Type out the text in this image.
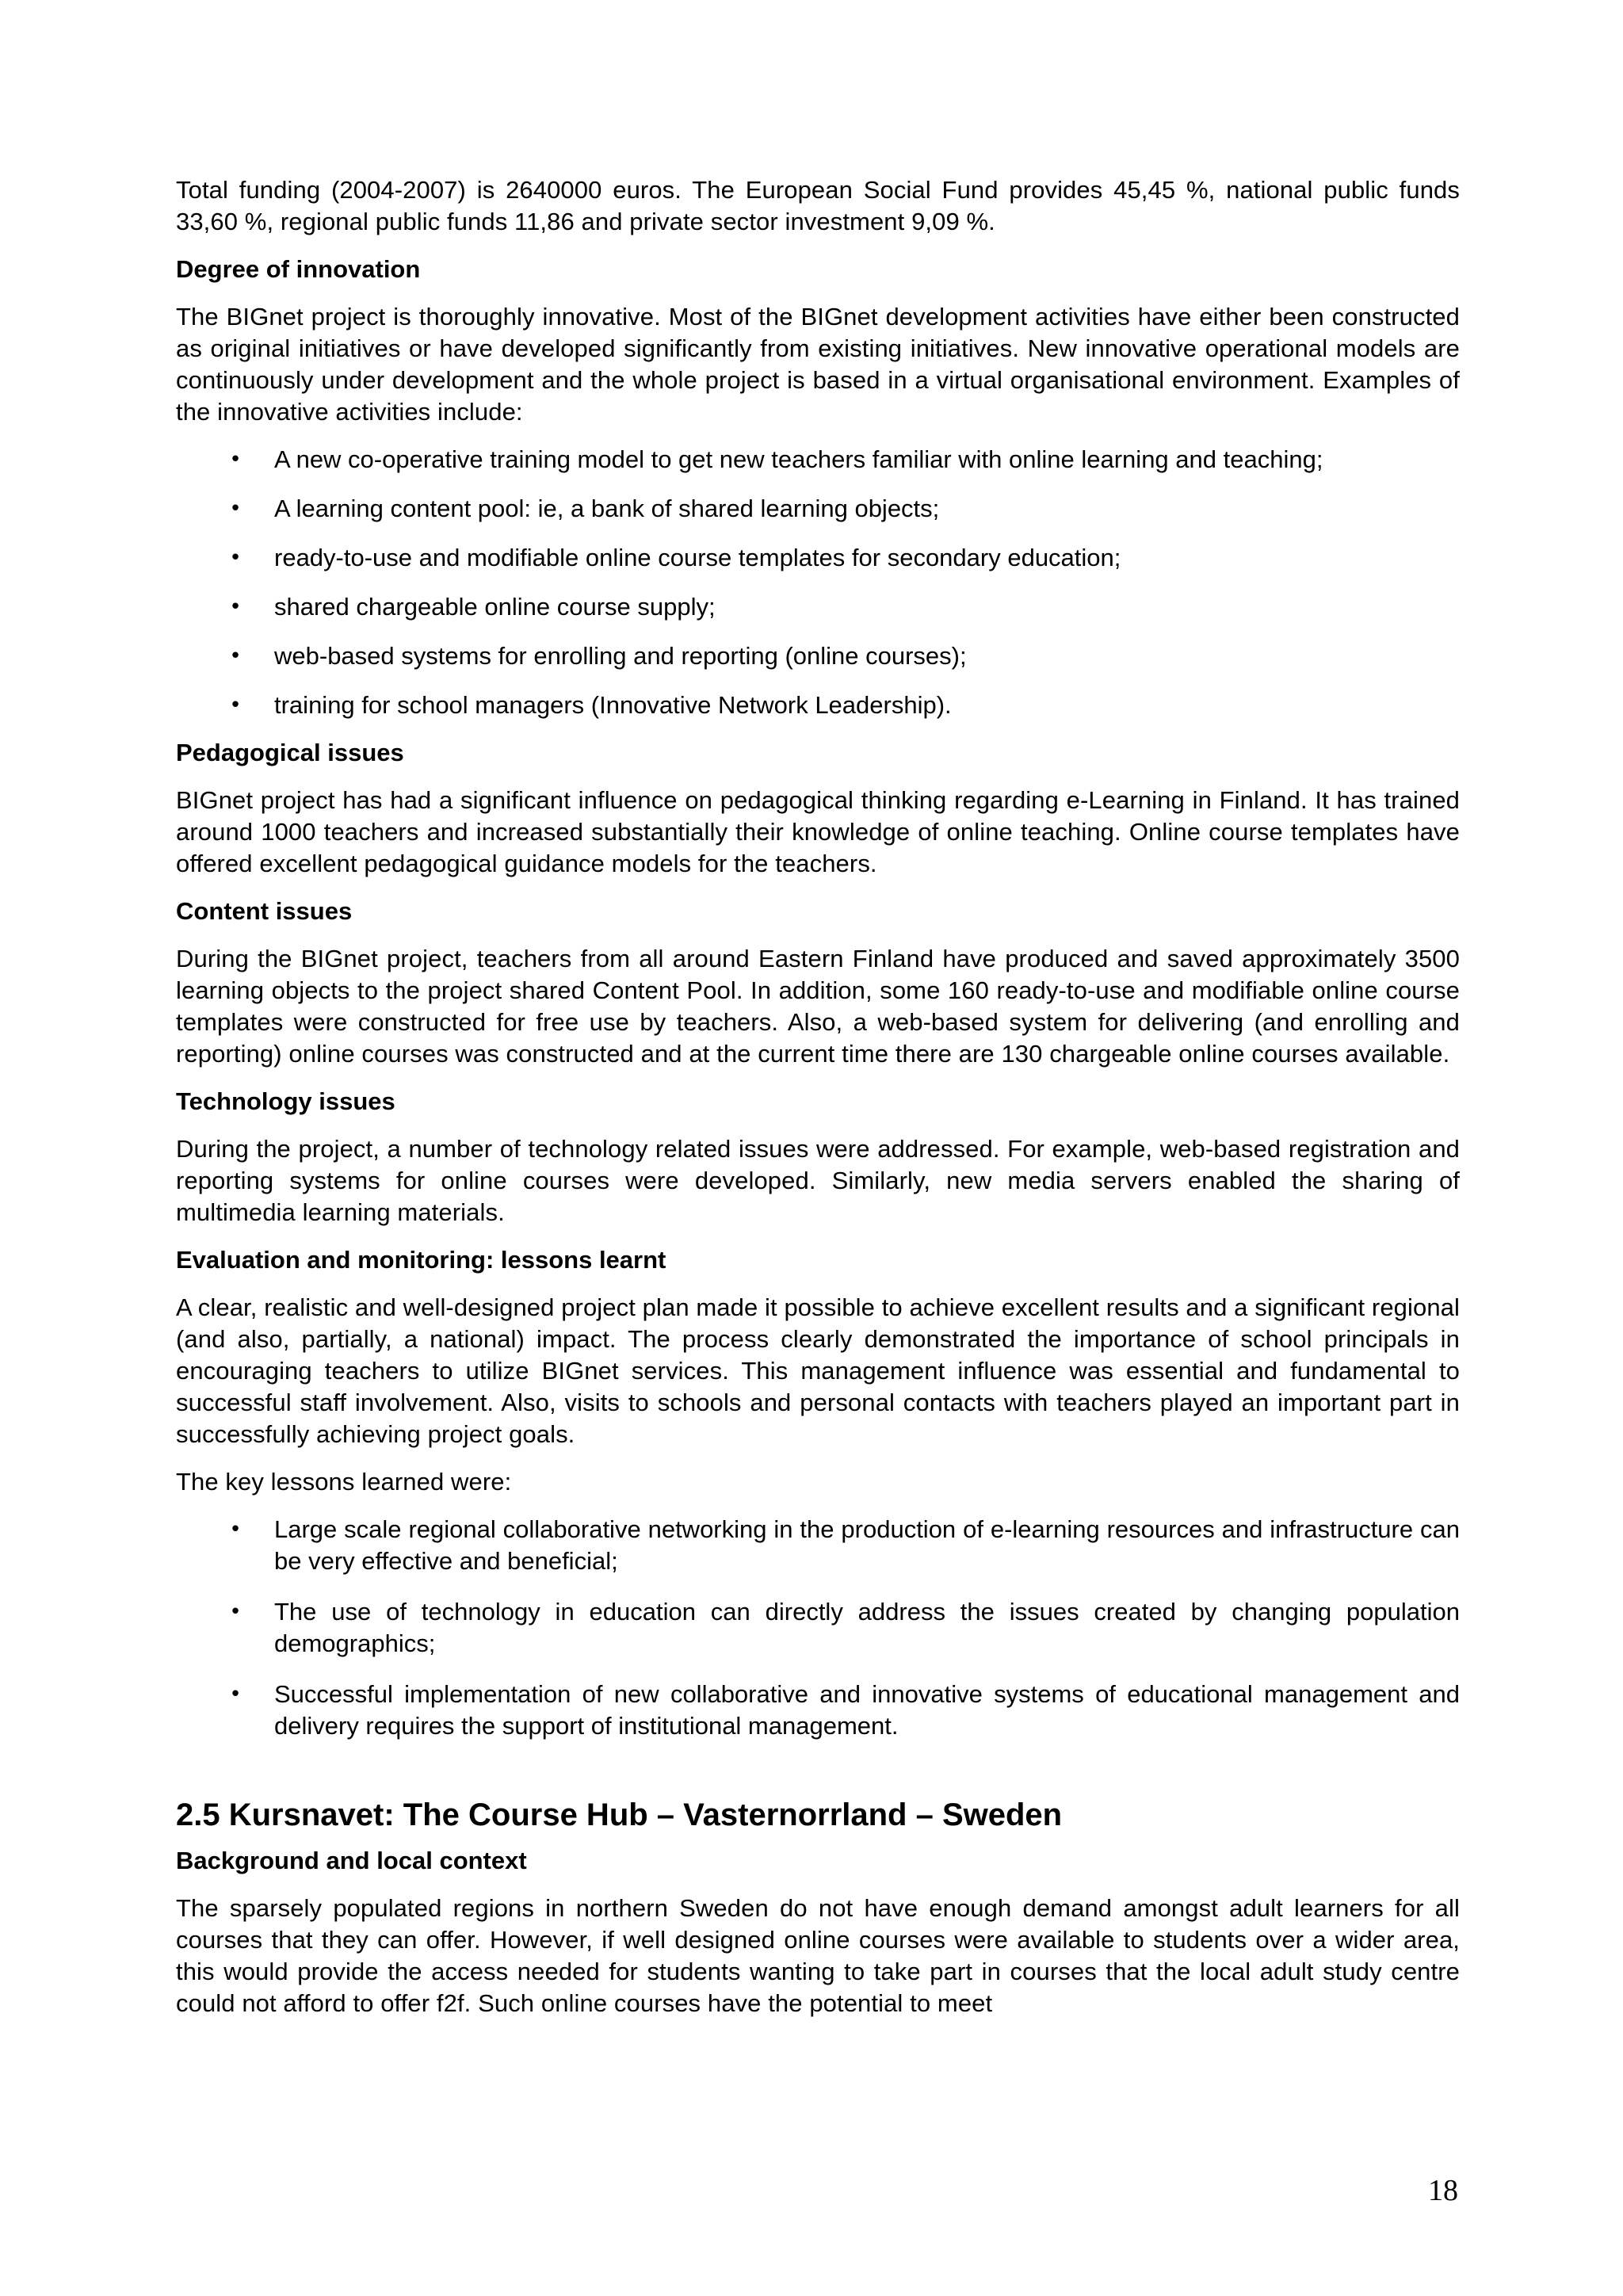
Total funding (2004-2007) is 2640000 euros. The European Social Fund provides 45,45 %, national public funds 33,60 %, regional public funds 11,86 and private sector investment 9,09 %.

Degree of innovation

The BIGnet project is thoroughly innovative. Most of the BIGnet development activities have either been constructed as original initiatives or have developed significantly from existing initiatives. New innovative operational models are continuously under development and the whole project is based in a virtual organisational environment. Examples of the innovative activities include:

• A new co-operative training model to get new teachers familiar with online learning and teaching;
• A learning content pool: ie, a bank of shared learning objects;
• ready-to-use and modifiable online course templates for secondary education;
• shared chargeable online course supply;
• web-based systems for enrolling and reporting (online courses);
• training for school managers (Innovative Network Leadership).
Pedagogical issues

BIGnet project has had a significant influence on pedagogical thinking regarding e-Learning in Finland. It has trained around 1000 teachers and increased substantially their knowledge of online teaching. Online course templates have offered excellent pedagogical guidance models for the teachers.

Content issues

During the BIGnet project, teachers from all around Eastern Finland have produced and saved approximately 3500 learning objects to the project shared Content Pool. In addition, some 160 ready-to-use and modifiable online course templates were constructed for free use by teachers. Also, a web-based system for delivering (and enrolling and reporting) online courses was constructed and at the current time there are 130 chargeable online courses available.

Technology issues

During the project, a number of technology related issues were addressed. For example, web-based registration and reporting systems for online courses were developed. Similarly, new media servers enabled the sharing of multimedia learning materials.

Evaluation and monitoring: lessons learnt

A clear, realistic and well-designed project plan made it possible to achieve excellent results and a significant regional (and also, partially, a national) impact. The process clearly demonstrated the importance of school principals in encouraging teachers to utilize BIGnet services. This management influence was essential and fundamental to successful staff involvement. Also, visits to schools and personal contacts with teachers played an important part in successfully achieving project goals.

The key lessons learned were:

• Large scale regional collaborative networking in the production of e-learning resources and infrastructure can be very effective and beneficial;
• The use of technology in education can directly address the issues created by changing population demographics;
• Successful implementation of new collaborative and innovative systems of educational management and delivery requires the support of institutional management.
2.5 Kursnavet: The Course Hub – Vasternorrland – Sweden
Background and local context

The sparsely populated regions in northern Sweden do not have enough demand amongst adult learners for all courses that they can offer. However, if well designed online courses were available to students over a wider area, this would provide the access needed for students wanting to take part in courses that the local adult study centre could not afford to offer f2f. Such online courses have the potential to meet

18
